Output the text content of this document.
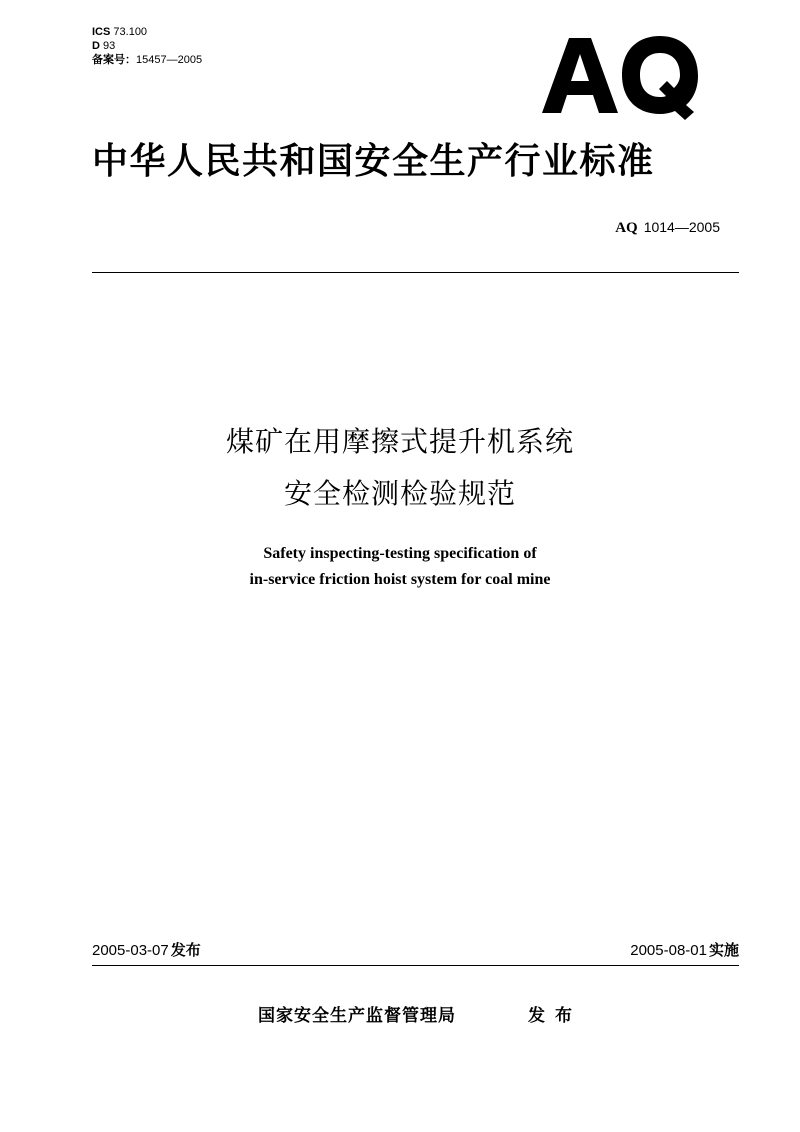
ICS 73.100
D 93
备案号：15457—2005
中华人民共和国安全生产行业标准
AQ 1014—2005
煤矿在用摩擦式提升机系统
安全检测检验规范
Safety inspecting-testing specification of
in-service friction hoist system for coal mine
2005-03-07 发布	2005-08-01 实施
国家安全生产监督管理局	发布
